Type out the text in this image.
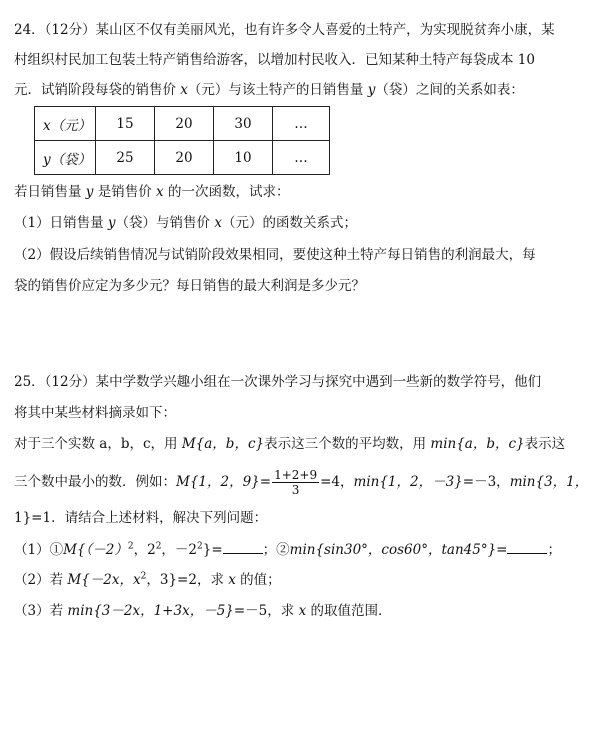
24．（12分）某山区不仅有美丽风光，也有许多令人喜爱的土特产，为实现脱贫奔小康，某
村组织村民加工包装土特产销售给游客，以增加村民收入．已知某种土特产每袋成本 10
元．试销阶段每袋的销售价 x（元）与该土特产的日销售量 y（袋）之间的关系如表：
x（元）	15	20	30	…
y（袋）	25	20	10	…
若日销售量 y 是销售价 x 的一次函数，试求：
（1）日销售量 y（袋）与销售价 x（元）的函数关系式；
（2）假设后续销售情况与试销阶段效果相同，要使这种土特产每日销售的利润最大，每
袋的销售价应定为多少元？每日销售的最大利润是多少元？
25．（12分）某中学数学兴趣小组在一次课外学习与探究中遇到一些新的数学符号，他们
将其中某些材料摘录如下：
对于三个实数 a，b，c，用 M{a，b，c}表示这三个数的平均数，用 min{a，b，c}表示这
三个数中最小的数．例如：M{1，2，$9\}= \frac{1+2+9}{3} =4$，min{1，2，－3}=－3，min{3，1，
1}=1．请结合上述材料，解决下列问题：
$(1)①M\{(-2)^2$，$2^2$，$-2^2\}=$	；②min{sin30°，cos60°，tan45°}=	；
（2）若 M{－2x，$x^2$，3}=2，求 x 的值；
（3）若 min{3－2x，1+3x，－5}=－5，求 x 的取值范围．
